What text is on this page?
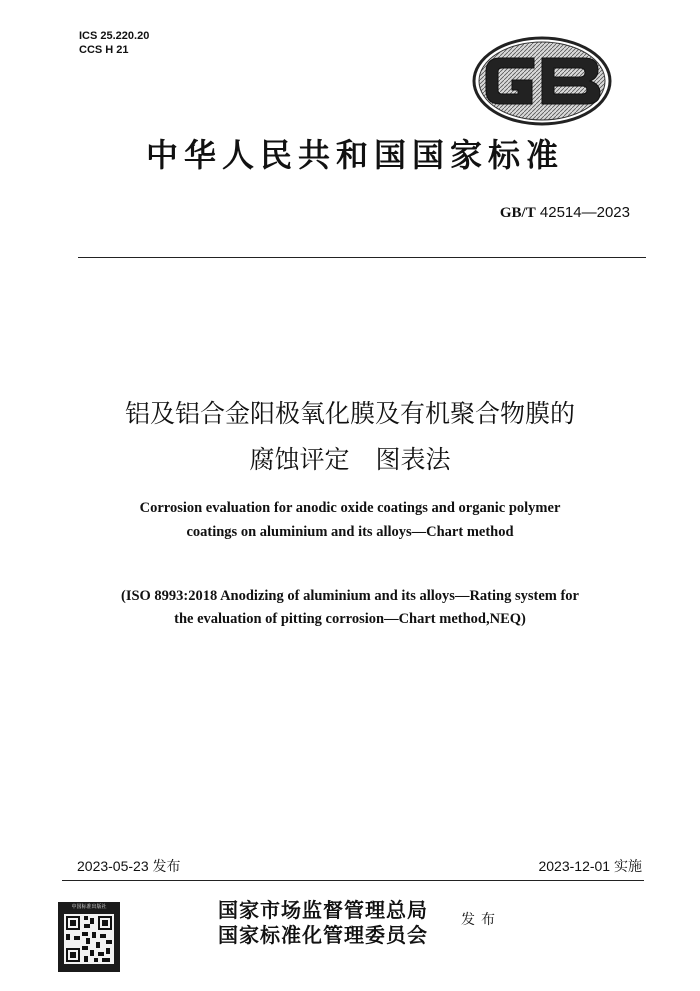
ICS 25.220.20
CCS H 21
中华人民共和国国家标准
GB/T 42514—2023
铝及铝合金阳极氧化膜及有机聚合物膜的
腐蚀评定 图表法
Corrosion evaluation for anodic oxide coatings and organic polymer
coatings on aluminium and its alloys—Chart method
(ISO 8993:2018 Anodizing of aluminium and its alloys—Rating system for
the evaluation of pitting corrosion—Chart method,NEQ)
2023-05-23 发布	2023-12-01 实施
国家市场监督管理总局
国家标准化管理委员会
发布
中国标准出版社
